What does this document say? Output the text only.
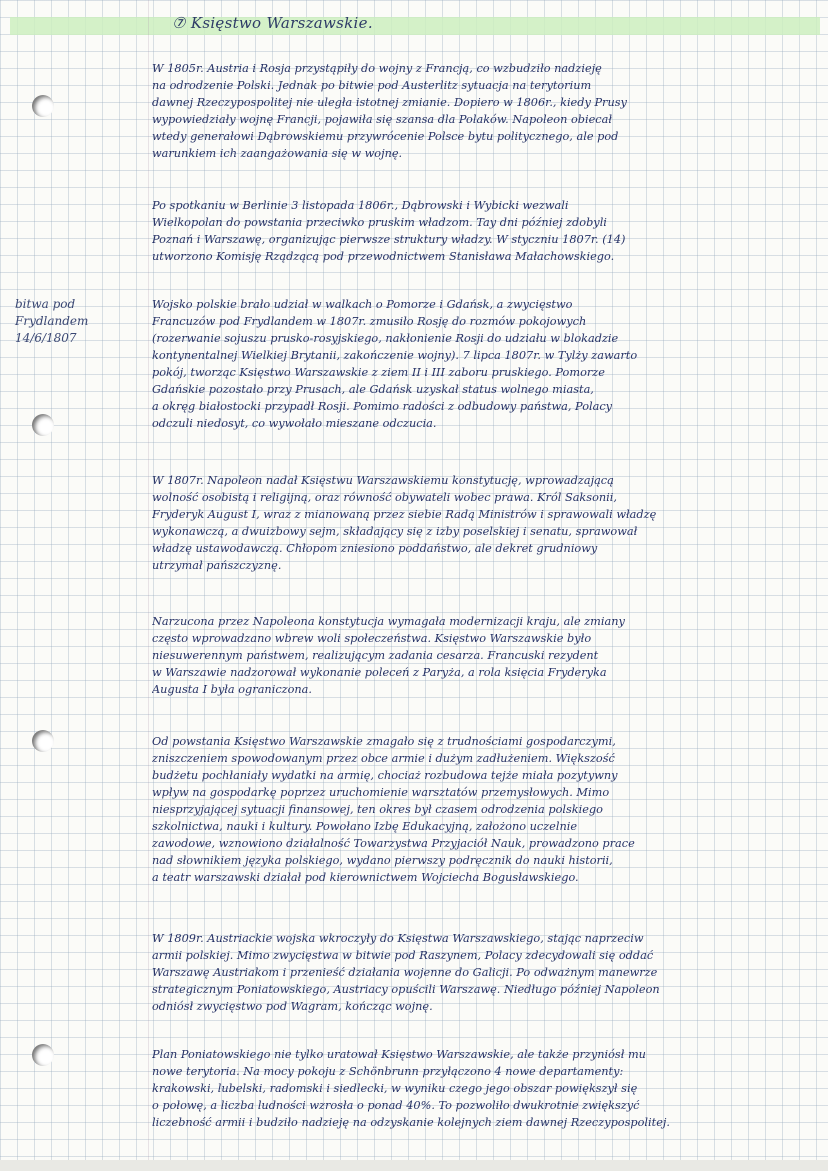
⑦ Księstwo Warszawskie.
bitwa pod
Frydlandem
14/6/1807
W 1805r. Austria i Rosja przystąpiły do wojny z Francją, co wzbudziło nadzieję
na odrodzenie Polski. Jednak po bitwie pod Austerlitz sytuacja na terytorium
dawnej Rzeczypospolitej nie uległa istotnej zmianie. Dopiero w 1806r., kiedy Prusy
wypowiedziały wojnę Francji, pojawiła się szansa dla Polaków. Napoleon obiecał
wtedy generałowi Dąbrowskiemu przywrócenie Polsce bytu politycznego, ale pod
warunkiem ich zaangażowania się w wojnę.
Po spotkaniu w Berlinie 3 listopada 1806r., Dąbrowski i Wybicki wezwali
Wielkopolan do powstania przeciwko pruskim władzom. Tay dni później zdobyli
Poznań i Warszawę, organizując pierwsze struktury władzy. W styczniu 1807r. (14)
utworzono Komisję Rządzącą pod przewodnictwem Stanisława Małachowskiego.
Wojsko polskie brało udział w walkach o Pomorze i Gdańsk, a zwycięstwo
Francuzów pod Frydlandem w 1807r. zmusiło Rosję do rozmów pokojowych
(rozerwanie sojuszu prusko-rosyjskiego, nakłonienie Rosji do udziału w blokadzie
kontynentalnej Wielkiej Brytanii, zakończenie wojny). 7 lipca 1807r. w Tylży zawarto
pokój, tworząc Księstwo Warszawskie z ziem II i III zaboru pruskiego. Pomorze
Gdańskie pozostało przy Prusach, ale Gdańsk uzyskał status wolnego miasta,
a okręg białostocki przypadł Rosji. Pomimo radości z odbudowy państwa, Polacy
odczuli niedosyt, co wywołało mieszane odczucia.
W 1807r. Napoleon nadał Księstwu Warszawskiemu konstytucję, wprowadzającą
wolność osobistą i religijną, oraz równość obywateli wobec prawa. Król Saksonii,
Fryderyk August I, wraz z mianowaną przez siebie Radą Ministrów i sprawowali władzę
wykonawczą, a dwuizbowy sejm, składający się z izby poselskiej i senatu, sprawował
władzę ustawodawczą. Chłopom zniesiono poddaństwo, ale dekret grudniowy
utrzymał pańszczyznę.
Narzucona przez Napoleona konstytucja wymagała modernizacji kraju, ale zmiany
często wprowadzano wbrew woli społeczeństwa. Księstwo Warszawskie było
niesuwerennym państwem, realizującym zadania cesarza. Francuski rezydent
w Warszawie nadzorował wykonanie poleceń z Paryża, a rola księcia Fryderyka
Augusta I była ograniczona.
Od powstania Księstwo Warszawskie zmagało się z trudnościami gospodarczymi,
zniszczeniem spowodowanym przez obce armie i dużym zadłużeniem. Większość
budżetu pochłaniały wydatki na armię, chociaż rozbudowa tejże miała pozytywny
wpływ na gospodarkę poprzez uruchomienie warsztatów przemysłowych. Mimo
niesprzyjającej sytuacji finansowej, ten okres był czasem odrodzenia polskiego
szkolnictwa, nauki i kultury. Powołano Izbę Edukacyjną, założono uczelnie
zawodowe, wznowiono działalność Towarzystwa Przyjaciół Nauk, prowadzono prace
nad słownikiem języka polskiego, wydano pierwszy podręcznik do nauki historii,
a teatr warszawski działał pod kierownictwem Wojciecha Bogusławskiego.
W 1809r. Austriackie wojska wkroczyły do Księstwa Warszawskiego, stając naprzeciw
armii polskiej. Mimo zwycięstwa w bitwie pod Raszynem, Polacy zdecydowali się oddać
Warszawę Austriakom i przenieść działania wojenne do Galicji. Po odważnym manewrze
strategicznym Poniatowskiego, Austriacy opuścili Warszawę. Niedługo później Napoleon
odniósł zwycięstwo pod Wagram, kończąc wojnę.
Plan Poniatowskiego nie tylko uratował Księstwo Warszawskie, ale także przyniósł mu
nowe terytoria. Na mocy pokoju z Schönbrunn przyłączono 4 nowe departamenty:
krakowski, lubelski, radomski i siedlecki, w wyniku czego jego obszar powiększył się
o połowę, a liczba ludności wzrosła o ponad 40%. To pozwoliło dwukrotnie zwiększyć
liczebność armii i budziło nadzieję na odzyskanie kolejnych ziem dawnej Rzeczypospolitej.
